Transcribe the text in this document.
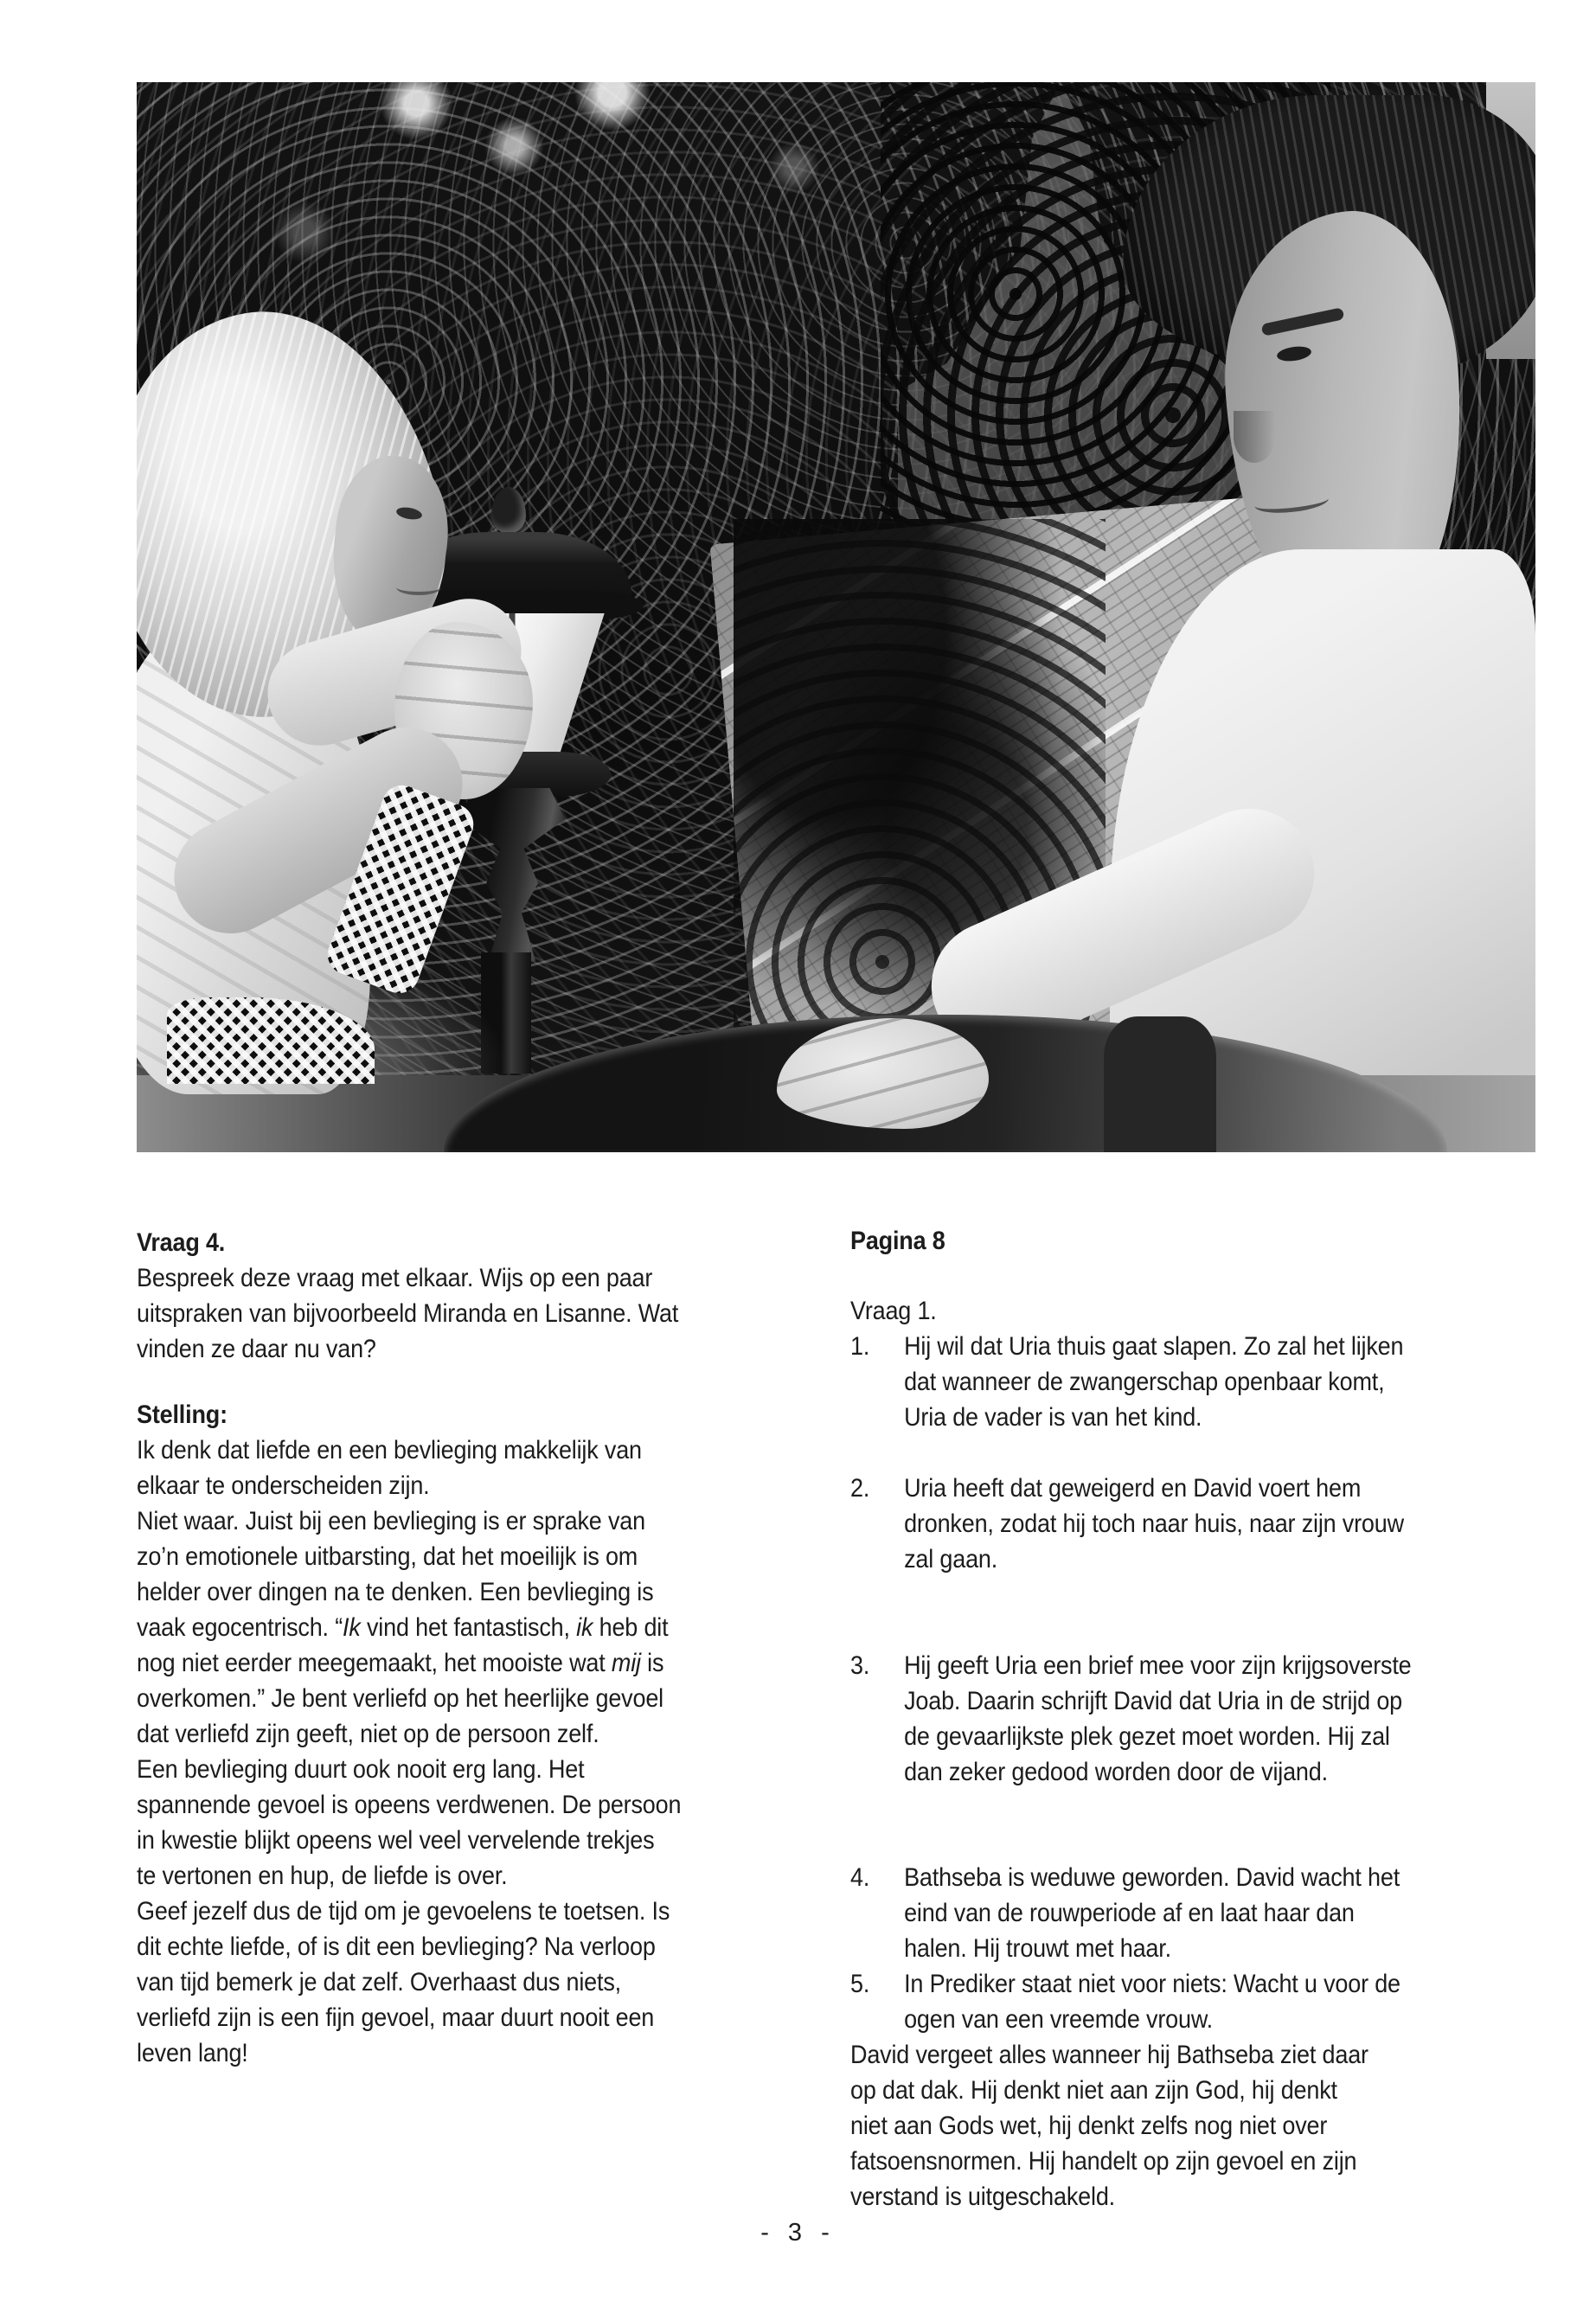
Vraag 4.
Bespreek deze vraag met elkaar. Wijs op een paar
uitspraken van bijvoorbeeld Miranda en Lisanne. Wat
vinden ze daar nu van?
Stelling:
Ik denk dat liefde en een bevlieging makkelijk van
elkaar te onderscheiden zijn.
Niet waar. Juist bij een bevlieging is er sprake van
zo’n emotionele uitbarsting, dat het moeilijk is om
helder over dingen na te denken. Een bevlieging is
vaak egocentrisch. “Ik vind het fantastisch, ik heb dit
nog niet eerder meegemaakt, het mooiste wat mij is
overkomen.” Je bent verliefd op het heerlijke gevoel
dat verliefd zijn geeft, niet op de persoon zelf.
Een bevlieging duurt ook nooit erg lang. Het
spannende gevoel is opeens verdwenen. De persoon
in kwestie blijkt opeens wel veel vervelende trekjes
te vertonen en hup, de liefde is over.
Geef jezelf dus de tijd om je gevoelens te toetsen. Is
dit echte liefde, of is dit een bevlieging? Na verloop
van tijd bemerk je dat zelf. Overhaast dus niets,
verliefd zijn is een fijn gevoel, maar duurt nooit een
leven lang!
Pagina 8
Vraag 1.
1.	Hij wil dat Uria thuis gaat slapen. Zo zal het lijken
dat wanneer de zwangerschap openbaar komt,
Uria de vader is van het kind.
2.	Uria heeft dat geweigerd en David voert hem
dronken, zodat hij toch naar huis, naar zijn vrouw
zal gaan.
3.	Hij geeft Uria een brief mee voor zijn krijgsoverste
Joab. Daarin schrijft David dat Uria in de strijd op
de gevaarlijkste plek gezet moet worden. Hij zal
dan zeker gedood worden door de vijand.
4.	Bathseba is weduwe geworden. David wacht het
eind van de rouwperiode af en laat haar dan
halen. Hij trouwt met haar.
5.	In Prediker staat niet voor niets: Wacht u voor de
ogen van een vreemde vrouw.
David vergeet alles wanneer hij Bathseba ziet daar
op dat dak. Hij denkt niet aan zijn God, hij denkt
niet aan Gods wet, hij denkt zelfs nog niet over
fatsoensnormen. Hij handelt op zijn gevoel en zijn
verstand is uitgeschakeld.
- 3 -
